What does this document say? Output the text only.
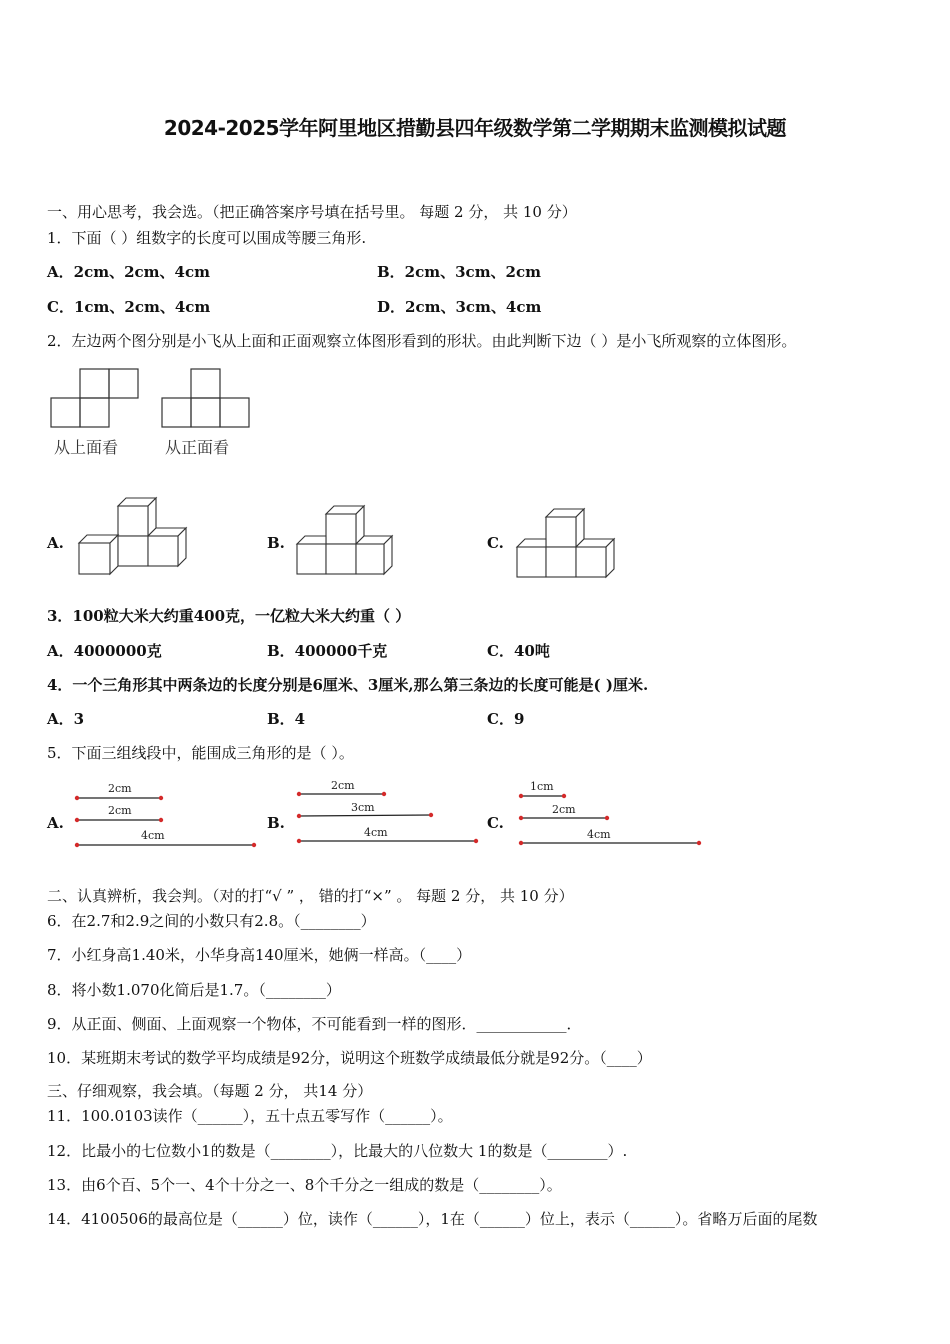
2024-2025学年阿里地区措勤县四年级数学第二学期期末监测模拟试题
一、用心思考，我会选。（把正确答案序号填在括号里。 每题 2 分， 共 10 分）
1．下面（ ）组数字的长度可以围成等腰三角形.
A．2cm、2cm、4cm	B．2cm、3cm、2cm
C．1cm、2cm、4cm	D．2cm、3cm、4cm
2．左边两个图分别是小飞从上面和正面观察立体图形看到的形状。由此判断下边（ ）是小飞所观察的立体图形。
从上面看	从正面看
A.	B.	C.
3．100粒大米大约重400克，一亿粒大米大约重（ ）
A．4000000克	B．400000千克	C．40吨
4．一个三角形其中两条边的长度分别是6厘米、3厘米,那么第三条边的长度可能是( )厘米.
A．3	B．4	C．9
5．下面三组线段中，能围成三角形的是（ ）。
A.
2cm
2cm
4cm
B.
2cm
3cm
4cm
C.
1cm
2cm
4cm
二、认真辨析，我会判。（对的打“√ ” ， 错的打“×” 。 每题 2 分， 共 10 分）
6．在2.7和2.9之间的小数只有2.8。（________）
7．小红身高1.40米，小华身高140厘米，她俩一样高。（____）
8．将小数1.070化简后是1.7。（________）
9．从正面、侧面、上面观察一个物体，不可能看到一样的图形．____________．
10．某班期末考试的数学平均成绩是92分，说明这个班数学成绩最低分就是92分。（____）
三、仔细观察，我会填。（每题 2 分， 共14 分）
11．100.0103读作（______），五十点五零写作（______）。
12．比最小的七位数小1的数是（________），比最大的八位数大 1的数是（________）.
13．由6个百、5个一、4个十分之一、8个千分之一组成的数是（________）。
14．4100506的最高位是（______）位，读作（______），1在（______）位上，表示（______）。省略万后面的尾数
